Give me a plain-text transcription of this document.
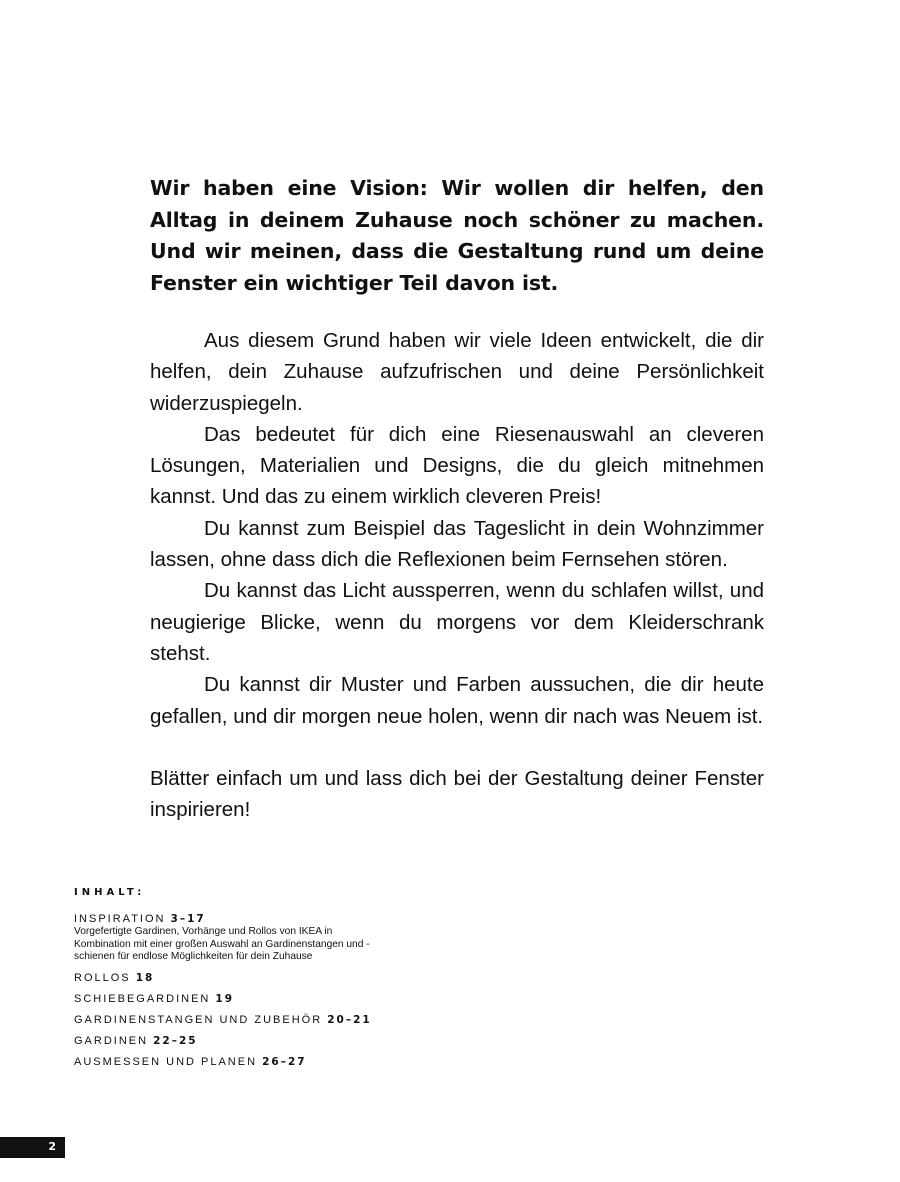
Wir haben eine Vision: Wir wollen dir helfen, den Alltag in deinem Zuhause noch schöner zu machen. Und wir meinen, dass die Gestaltung rund um deine Fenster ein wichtiger Teil davon ist.

Aus diesem Grund haben wir viele Ideen entwickelt, die dir helfen, dein Zuhause aufzufrischen und deine Persönlichkeit widerzuspiegeln.

Das bedeutet für dich eine Riesenauswahl an cleveren Lösungen, Materialien und Designs, die du gleich mitnehmen kannst. Und das zu einem wirklich cleveren Preis!

Du kannst zum Beispiel das Tageslicht in dein Wohnzimmer lassen, ohne dass dich die Reflexionen beim Fernsehen stören.

Du kannst das Licht aussperren, wenn du schlafen willst, und neugierige Blicke, wenn du morgens vor dem Kleiderschrank stehst.

Du kannst dir Muster und Farben aussuchen, die dir heute gefallen, und dir morgen neue holen, wenn dir nach was Neuem ist.

Blätter einfach um und lass dich bei der Gestaltung deiner Fenster inspirieren!

INHALT:
INSPIRATION 3–17
Vorgefertigte Gardinen, Vorhänge und Rollos von IKEA in Kombination mit einer großen Auswahl an Gardinenstangen und -schienen für endlose Möglichkeiten für dein Zuhause
ROLLOS 18
SCHIEBEGARDINEN 19
GARDINENSTANGEN UND ZUBEHÖR 20–21
GARDINEN 22–25
AUSMESSEN UND PLANEN 26–27
2
